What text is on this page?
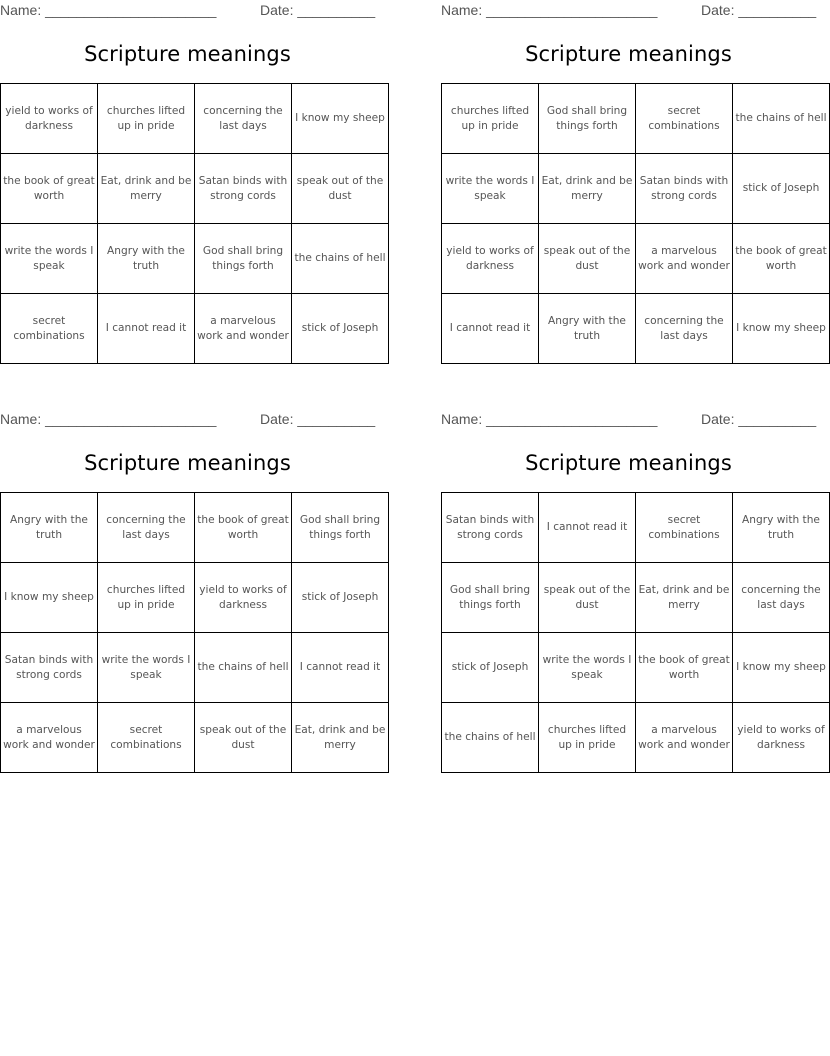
Name: ______________________	Date: __________
Scripture meanings
yield to works of darkness	churches lifted up in pride	concerning the last days	I know my sheep
the book of great worth	Eat, drink and be merry	Satan binds with strong cords	speak out of the dust
write the words I speak	Angry with the truth	God shall bring things forth	the chains of hell
secret combinations	I cannot read it	a marvelous work and wonder	stick of Joseph
Name: ______________________	Date: __________
Scripture meanings
churches lifted up in pride	God shall bring things forth	secret combinations	the chains of hell
write the words I speak	Eat, drink and be merry	Satan binds with strong cords	stick of Joseph
yield to works of darkness	speak out of the dust	a marvelous work and wonder	the book of great worth
I cannot read it	Angry with the truth	concerning the last days	I know my sheep
Name: ______________________	Date: __________
Scripture meanings
Angry with the truth	concerning the last days	the book of great worth	God shall bring things forth
I know my sheep	churches lifted up in pride	yield to works of darkness	stick of Joseph
Satan binds with strong cords	write the words I speak	the chains of hell	I cannot read it
a marvelous work and wonder	secret combinations	speak out of the dust	Eat, drink and be merry
Name: ______________________	Date: __________
Scripture meanings
Satan binds with strong cords	I cannot read it	secret combinations	Angry with the truth
God shall bring things forth	speak out of the dust	Eat, drink and be merry	concerning the last days
stick of Joseph	write the words I speak	the book of great worth	I know my sheep
the chains of hell	churches lifted up in pride	a marvelous work and wonder	yield to works of darkness
